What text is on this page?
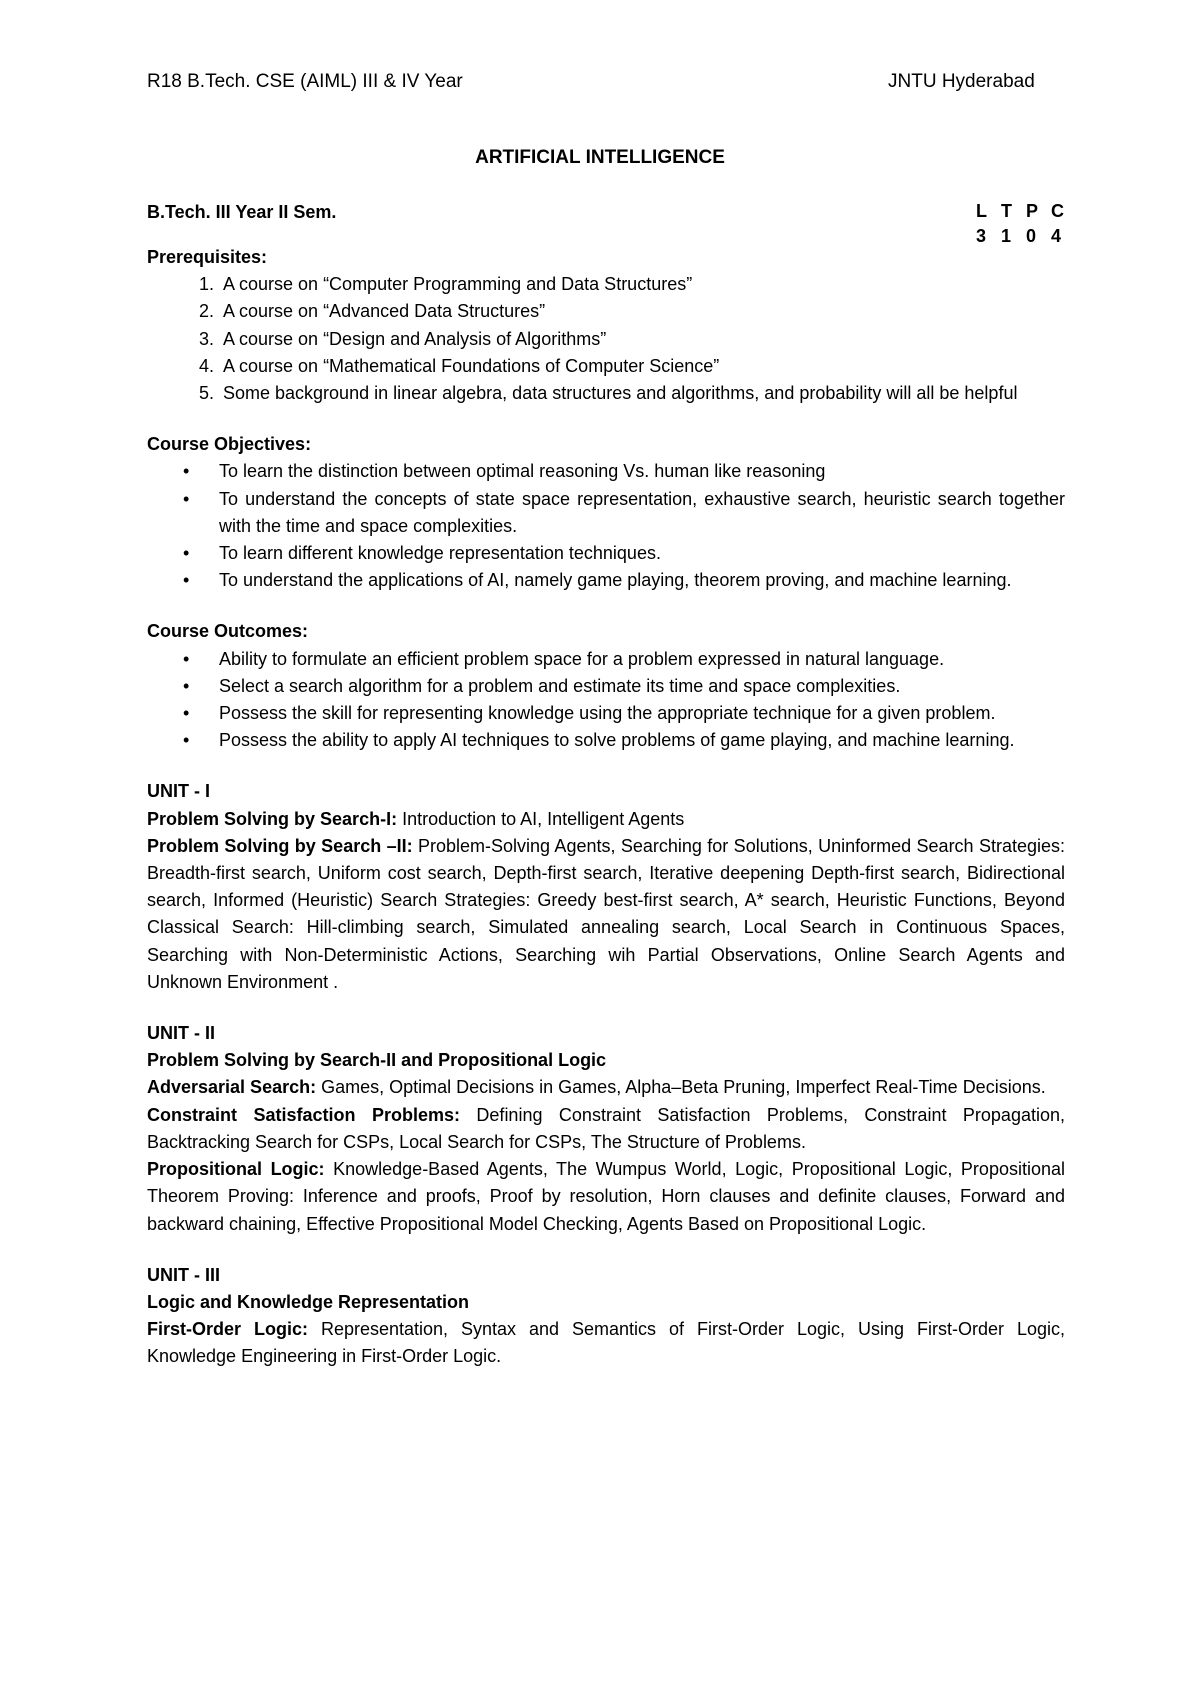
R18 B.Tech. CSE (AIML) III & IV Year	JNTU Hyderabad
ARTIFICIAL INTELLIGENCE
B.Tech. III Year II Sem.	L T P C
3 1 0 4
Prerequisites:
1. A course on “Computer Programming and Data Structures”
2. A course on “Advanced Data Structures”
3. A course on “Design and Analysis of Algorithms”
4. A course on “Mathematical Foundations of Computer Science”
5. Some background in linear algebra, data structures and algorithms, and probability will all be helpful
Course Objectives:
• To learn the distinction between optimal reasoning Vs. human like reasoning
• To understand the concepts of state space representation, exhaustive search, heuristic search together with the time and space complexities.
• To learn different knowledge representation techniques.
• To understand the applications of AI, namely game playing, theorem proving, and machine learning.
Course Outcomes:
• Ability to formulate an efficient problem space for a problem expressed in natural language.
• Select a search algorithm for a problem and estimate its time and space complexities.
• Possess the skill for representing knowledge using the appropriate technique for a given problem.
• Possess the ability to apply AI techniques to solve problems of game playing, and machine learning.
UNIT - I

Problem Solving by Search-I: Introduction to AI, Intelligent Agents

Problem Solving by Search –II: Problem-Solving Agents, Searching for Solutions, Uninformed Search Strategies: Breadth-first search, Uniform cost search, Depth-first search, Iterative deepening Depth-first search, Bidirectional search, Informed (Heuristic) Search Strategies: Greedy best-first search, A* search, Heuristic Functions, Beyond Classical Search: Hill-climbing search, Simulated annealing search, Local Search in Continuous Spaces, Searching with Non-Deterministic Actions, Searching wih Partial Observations, Online Search Agents and Unknown Environment .

UNIT - II
Problem Solving by Search-II and Propositional Logic

Adversarial Search: Games, Optimal Decisions in Games, Alpha–Beta Pruning, Imperfect Real-Time Decisions.

Constraint Satisfaction Problems: Defining Constraint Satisfaction Problems, Constraint Propagation, Backtracking Search for CSPs, Local Search for CSPs, The Structure of Problems.

Propositional Logic: Knowledge-Based Agents, The Wumpus World, Logic, Propositional Logic, Propositional Theorem Proving: Inference and proofs, Proof by resolution, Horn clauses and definite clauses, Forward and backward chaining, Effective Propositional Model Checking, Agents Based on Propositional Logic.

UNIT - III
Logic and Knowledge Representation

First-Order Logic: Representation, Syntax and Semantics of First-Order Logic, Using First-Order Logic, Knowledge Engineering in First-Order Logic.
